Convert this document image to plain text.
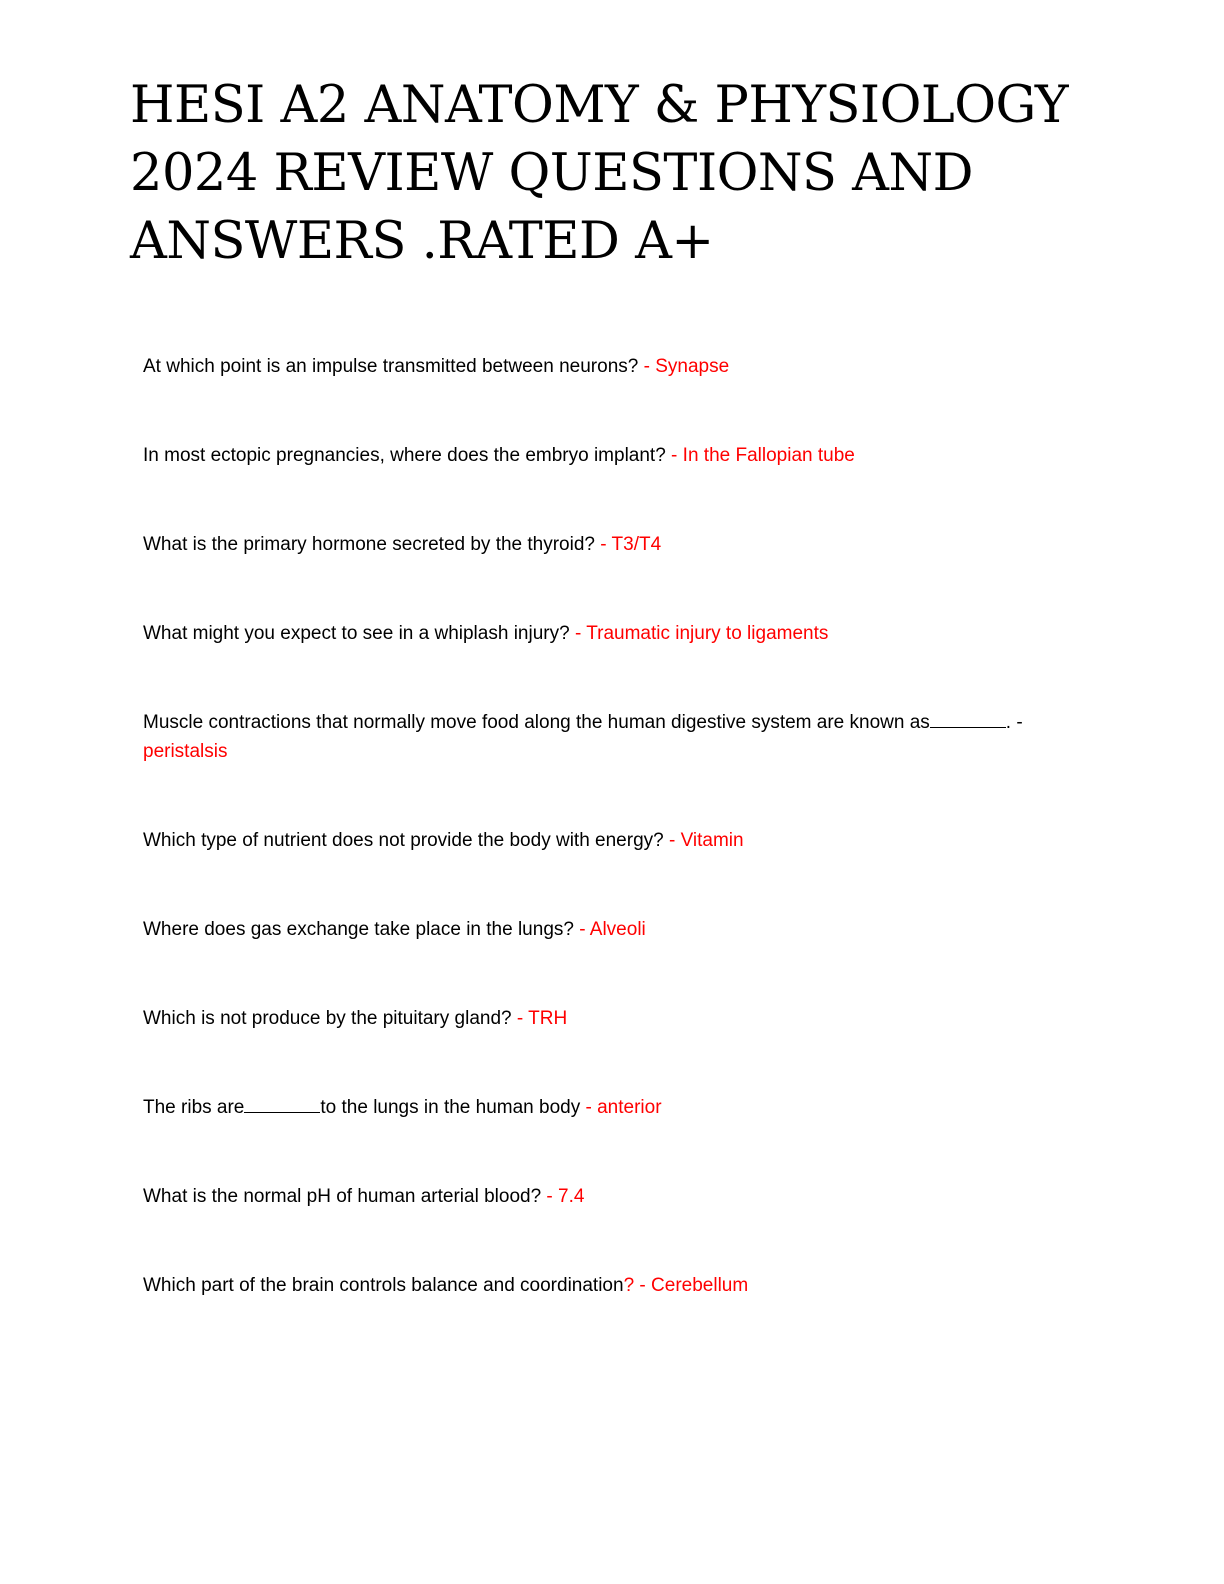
HESI A2 ANATOMY & PHYSIOLOGY
2024 REVIEW QUESTIONS AND
ANSWERS .RATED A+
At which point is an impulse transmitted between neurons? - Synapse
In most ectopic pregnancies, where does the embryo implant? - In the Fallopian tube
What is the primary hormone secreted by the thyroid? - T3/T4
What might you expect to see in a whiplash injury? - Traumatic injury to ligaments
Muscle contractions that normally move food along the human digestive system are known as	. -
peristalsis
Which type of nutrient does not provide the body with energy? - Vitamin
Where does gas exchange take place in the lungs? - Alveoli
Which is not produce by the pituitary gland? - TRH
The ribs are	to the lungs in the human body - anterior
What is the normal pH of human arterial blood? - 7.4
Which part of the brain controls balance and coordination? - Cerebellum
